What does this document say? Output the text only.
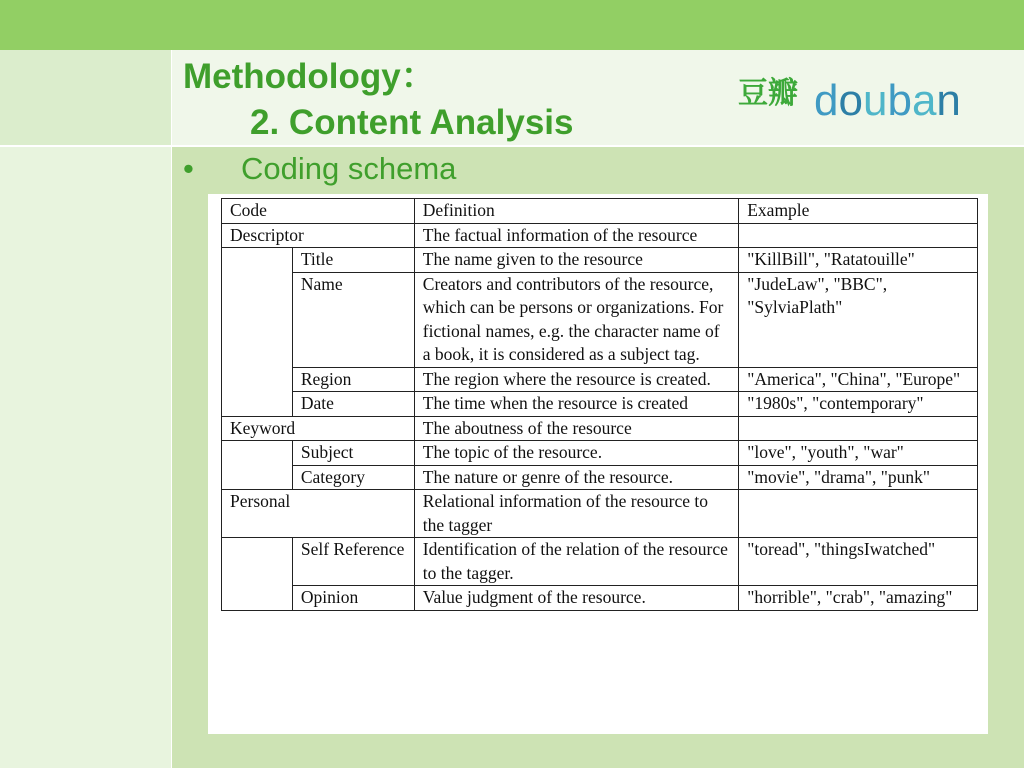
Methodology：
2. Content Analysis
豆瓣 douban
• Coding schema
Code		Definition	Example
Descriptor		The factual information of the resource	
	Title	The name given to the resource	"KillBill", "Ratatouille"
	Name	Creators and contributors of the resource, which can be persons or organizations. For fictional names, e.g. the character name of a book, it is considered as a subject tag.	"JudeLaw", "BBC", "SylviaPlath"
	Region	The region where the resource is created.	"America", "China", "Europe"
	Date	The time when the resource is created	"1980s", "contemporary"
Keyword		The aboutness of the resource	
	Subject	The topic of the resource.	"love", "youth", "war"
	Category	The nature or genre of the resource.	"movie", "drama", "punk"
Personal		Relational information of the resource to the tagger	
	Self Reference	Identification of the relation of the resource to the tagger.	"toread", "thingsIwatched"
	Opinion	Value judgment of the resource.	"horrible", "crab", "amazing"
